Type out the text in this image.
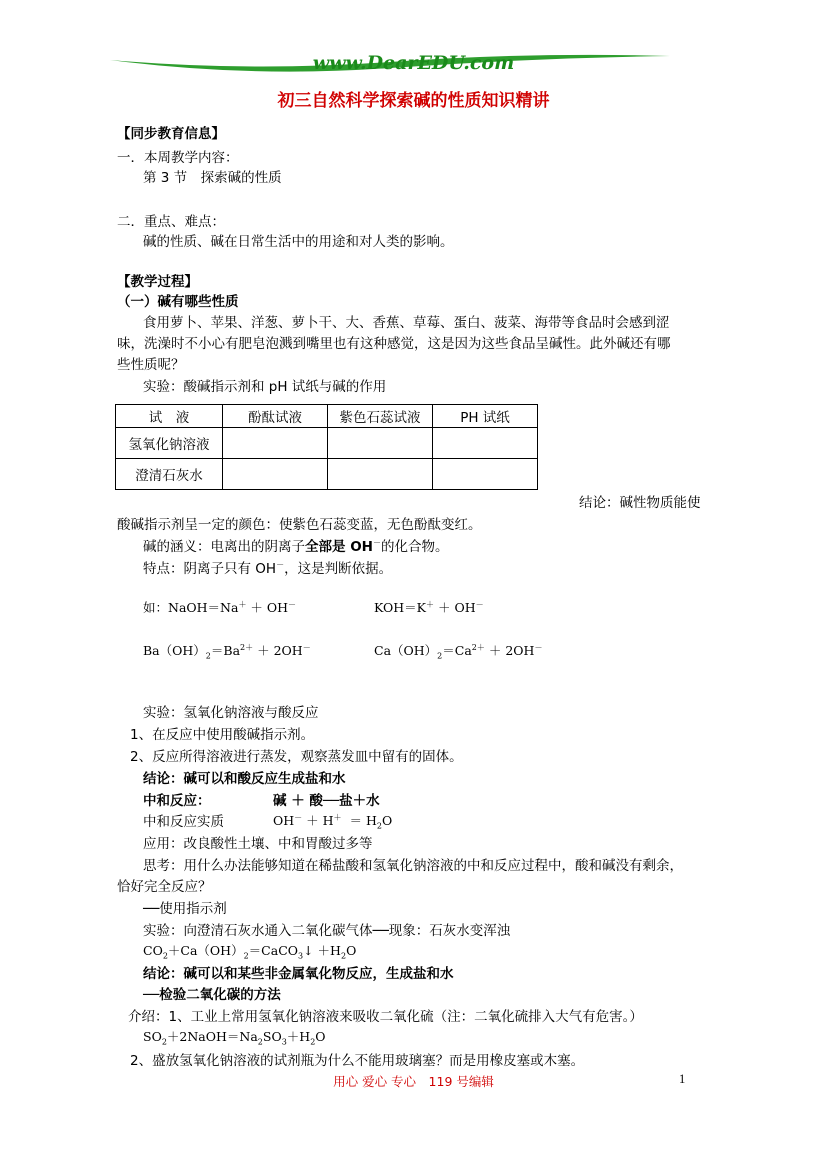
www.DearEDU.com
初三自然科学探索碱的性质知识精讲
【同步教育信息】
一．本周教学内容：
第 3 节　探索碱的性质
二．重点、难点：
碱的性质、碱在日常生活中的用途和对人类的影响。
【教学过程】
（一）碱有哪些性质
食用萝卜、苹果、洋葱、萝卜干、大、香蕉、草莓、蛋白、菠菜、海带等食品时会感到涩
味，洗澡时不小心有肥皂泡溅到嘴里也有这种感觉，这是因为这些食品呈碱性。此外碱还有哪
些性质呢？
实验：酸碱指示剂和 pH 试纸与碱的作用
试　液	酚酞试液	紫色石蕊试液	PH 试纸
氢氧化钠溶液			
澄清石灰水			
结论：碱性物质能使
酸碱指示剂呈一定的颜色：使紫色石蕊变蓝，无色酚酞变红。
碱的涵义：电离出的阴离子全部是 OH－的化合物。
特点：阴离子只有 OH－，这是判断依据。
如：NaOH＝Na＋ ＋ OH－	KOH＝K＋ ＋ OH－
$Ba(OH)_2=Ba^{2+} + 2OH^-$	$Ca(OH)_2=Ca^{2+} + 2OH^-$
实验：氢氧化钠溶液与酸反应
1、在反应中使用酸碱指示剂。
2、反应所得溶液进行蒸发，观察蒸发皿中留有的固体。
结论：碱可以和酸反应生成盐和水
中和反应：	碱 ＋ 酸──盐＋水
中和反应实质	$OH^- + H^+ = H_2O$
应用：改良酸性土壤、中和胃酸过多等
思考：用什么办法能够知道在稀盐酸和氢氧化钠溶液的中和反应过程中，酸和碱没有剩余，
恰好完全反应？
──使用指示剂
实验：向澄清石灰水通入二氧化碳气体──现象：石灰水变浑浊
$CO_2+Ca(OH)_2=CaCO_3↓ +H_2O$
结论：碱可以和某些非金属氧化物反应，生成盐和水
──检验二氧化碳的方法
介绍：1、工业上常用氢氧化钠溶液来吸收二氧化硫（注：二氧化硫排入大气有危害。）
$SO_2+2NaOH=Na_2SO_3+H_2O$
2、盛放氢氧化钠溶液的试剂瓶为什么不能用玻璃塞？而是用橡皮塞或木塞。
用心 爱心 专心　119 号编辑	1
